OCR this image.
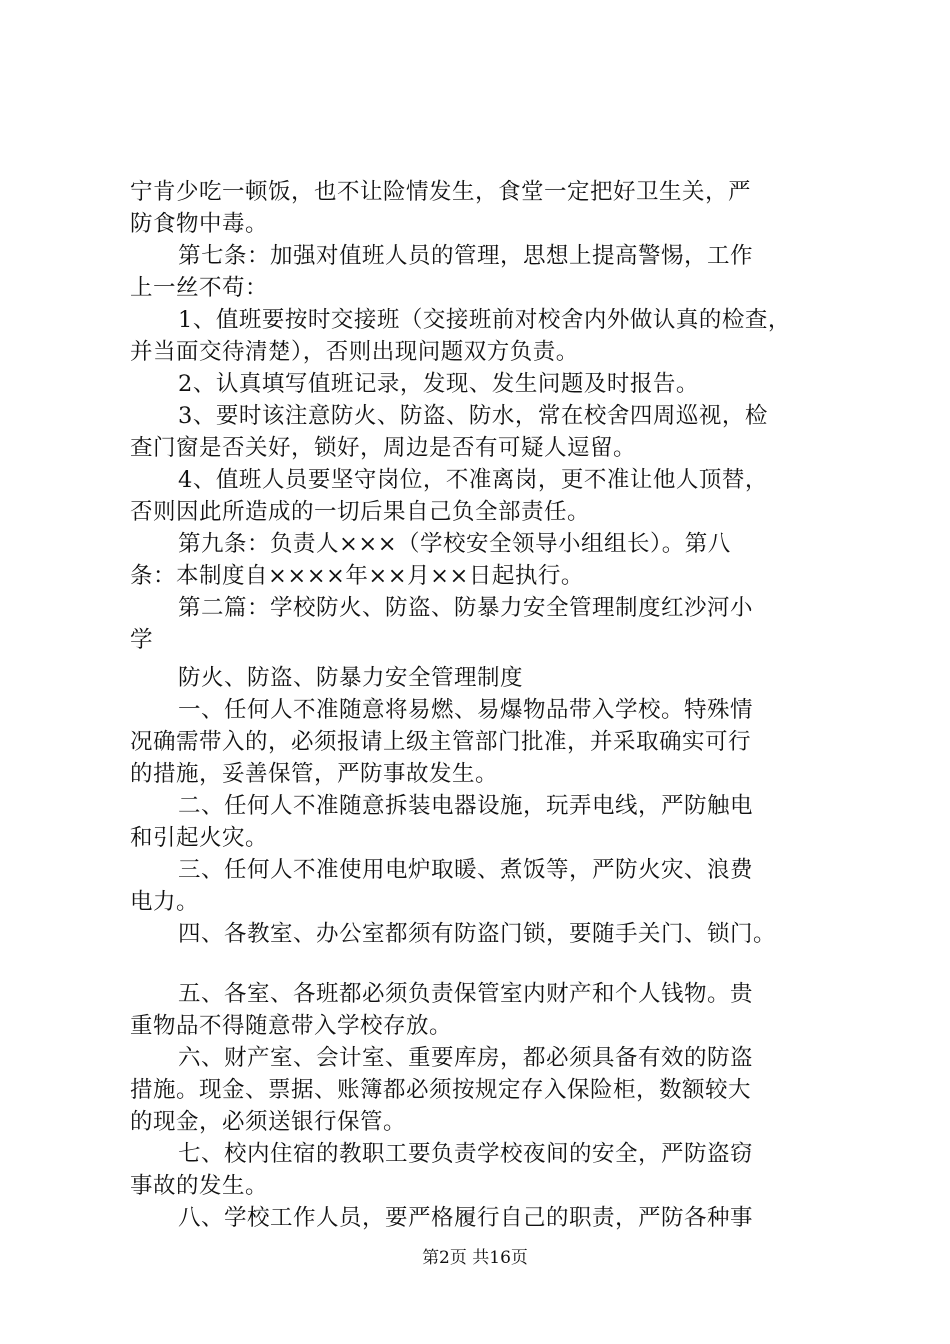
宁肯少吃一顿饭，也不让险情发生，食堂一定把好卫生关，严
防食物中毒。
第七条：加强对值班人员的管理，思想上提高警惕，工作
上一丝不苟：
1、值班要按时交接班（交接班前对校舍内外做认真的检查，
并当面交待清楚），否则出现问题双方负责。
2、认真填写值班记录，发现、发生问题及时报告。
3、要时该注意防火、防盗、防水，常在校舍四周巡视，检
查门窗是否关好，锁好，周边是否有可疑人逗留。
4、值班人员要坚守岗位，不准离岗，更不准让他人顶替，
否则因此所造成的一切后果自己负全部责任。
第九条：负责人×××（学校安全领导小组组长）。第八
条：本制度自××××年××月××日起执行。
第二篇：学校防火、防盗、防暴力安全管理制度红沙河小
学
防火、防盗、防暴力安全管理制度
一、任何人不准随意将易燃、易爆物品带入学校。特殊情
况确需带入的，必须报请上级主管部门批准，并采取确实可行
的措施，妥善保管，严防事故发生。
二、任何人不准随意拆装电器设施，玩弄电线，严防触电
和引起火灾。
三、任何人不准使用电炉取暖、煮饭等，严防火灾、浪费
电力。
四、各教室、办公室都须有防盗门锁，要随手关门、锁门。
五、各室、各班都必须负责保管室内财产和个人钱物。贵
重物品不得随意带入学校存放。
六、财产室、会计室、重要库房，都必须具备有效的防盗
措施。现金、票据、账簿都必须按规定存入保险柜，数额较大
的现金，必须送银行保管。
七、校内住宿的教职工要负责学校夜间的安全，严防盗窃
事故的发生。
八、学校工作人员，要严格履行自己的职责，严防各种事
第2页 共16页
